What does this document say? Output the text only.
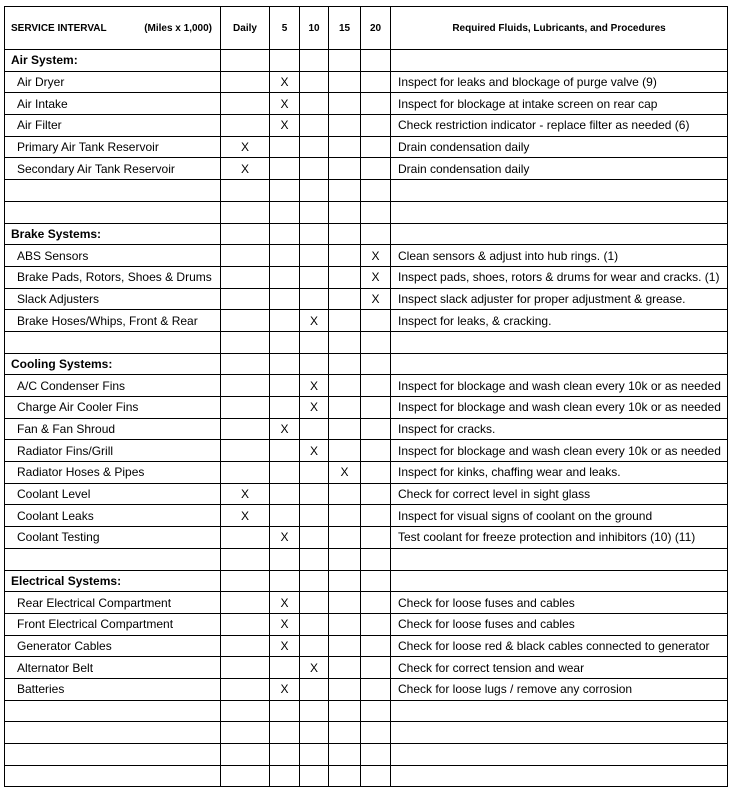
SERVICE INTERVAL (Miles x 1,000)	Daily	5	10	15	20	Required Fluids, Lubricants, and Procedures
Air System:						
Air Dryer		X				Inspect for leaks and blockage of purge valve (9)
Air Intake		X				Inspect for blockage at intake screen on rear cap
Air Filter		X				Check restriction indicator - replace filter as needed (6)
Primary Air Tank Reservoir	X					Drain condensation daily
Secondary Air Tank Reservoir	X					Drain condensation daily

Brake Systems:						
ABS Sensors					X	Clean sensors & adjust into hub rings. (1)
Brake Pads, Rotors, Shoes & Drums					X	Inspect pads, shoes, rotors & drums for wear and cracks. (1)
Slack Adjusters					X	Inspect slack adjuster for proper adjustment & grease.
Brake Hoses/Whips, Front & Rear			X			Inspect for leaks, & cracking.

Cooling Systems:						
A/C Condenser Fins			X			Inspect for blockage and wash clean every 10k or as needed
Charge Air Cooler Fins			X			Inspect for blockage and wash clean every 10k or as needed
Fan & Fan Shroud		X				Inspect for cracks.
Radiator Fins/Grill			X			Inspect for blockage and wash clean every 10k or as needed
Radiator Hoses & Pipes				X		Inspect for kinks, chaffing wear and leaks.
Coolant Level	X					Check for correct level in sight glass
Coolant Leaks	X					Inspect for visual signs of coolant on the ground
Coolant Testing		X				Test coolant for freeze protection and inhibitors (10) (11)

Electrical Systems:						
Rear Electrical Compartment		X				Check for loose fuses and cables
Front Electrical Compartment		X				Check for loose fuses and cables
Generator Cables		X				Check for loose red & black cables connected to generator
Alternator Belt			X			Check for correct tension and wear
Batteries		X				Check for loose lugs / remove any corrosion
